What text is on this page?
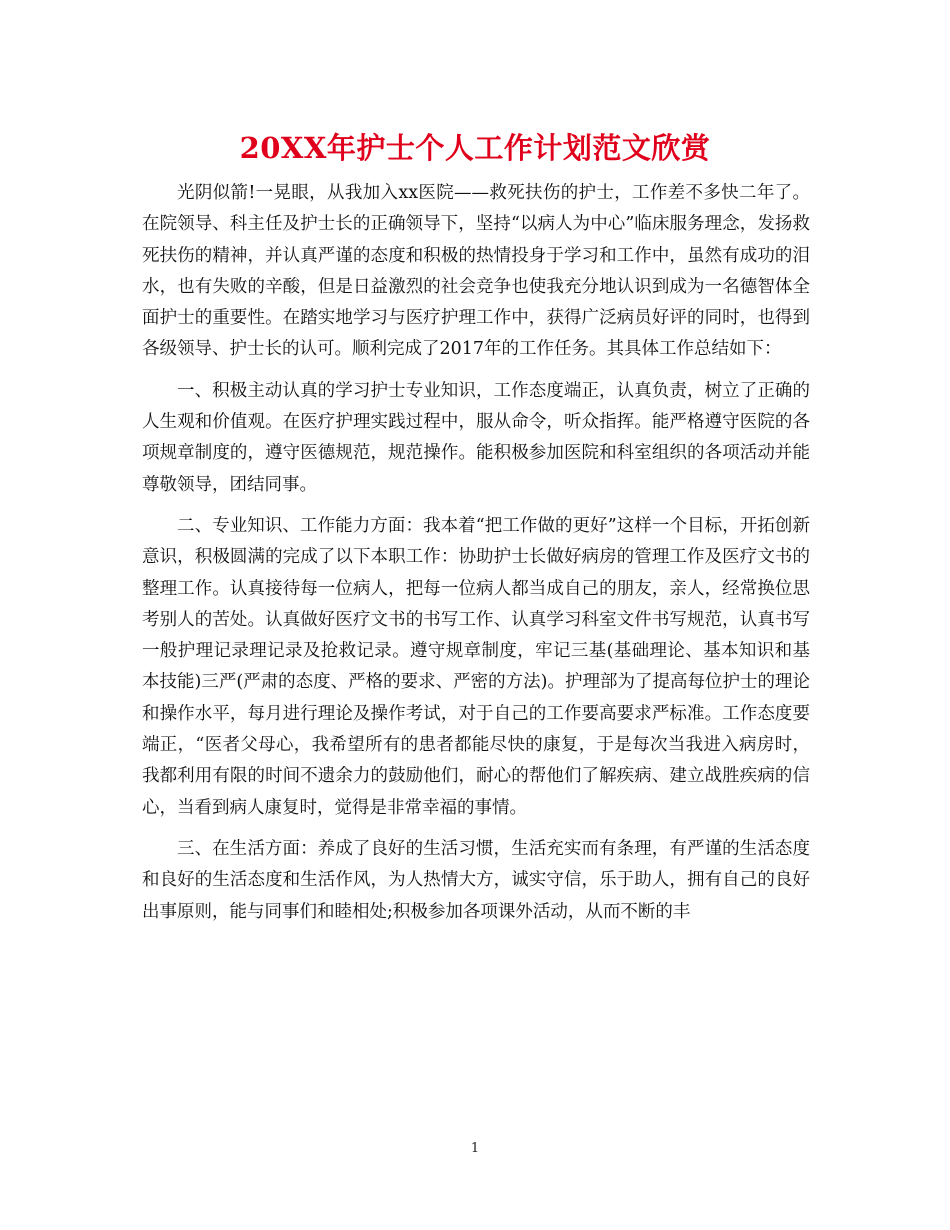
20XX年护士个人工作计划范文欣赏

光阴似箭!一晃眼，从我加入xx医院——救死扶伤的护士，工作差不多快二年了。在院领导、科主任及护士长的正确领导下，坚持“以病人为中心”临床服务理念，发扬救死扶伤的精神，并认真严谨的态度和积极的热情投身于学习和工作中，虽然有成功的泪水，也有失败的辛酸，但是日益激烈的社会竞争也使我充分地认识到成为一名德智体全面护士的重要性。在踏实地学习与医疗护理工作中，获得广泛病员好评的同时，也得到各级领导、护士长的认可。顺利完成了2017年的工作任务。其具体工作总结如下：

一、积极主动认真的学习护士专业知识，工作态度端正，认真负责，树立了正确的人生观和价值观。在医疗护理实践过程中，服从命令，听众指挥。能严格遵守医院的各项规章制度的，遵守医德规范，规范操作。能积极参加医院和科室组织的各项活动并能尊敬领导，团结同事。

二、专业知识、工作能力方面：我本着“把工作做的更好”这样一个目标，开拓创新意识，积极圆满的完成了以下本职工作：协助护士长做好病房的管理工作及医疗文书的整理工作。认真接待每一位病人，把每一位病人都当成自己的朋友，亲人，经常换位思考别人的苦处。认真做好医疗文书的书写工作、认真学习科室文件书写规范，认真书写一般护理记录理记录及抢救记录。遵守规章制度，牢记三基(基础理论、基本知识和基本技能)三严(严肃的态度、严格的要求、严密的方法)。护理部为了提高每位护士的理论和操作水平，每月进行理论及操作考试，对于自己的工作要高要求严标准。工作态度要端正，“医者父母心，我希望所有的患者都能尽快的康复，于是每次当我进入病房时，我都利用有限的时间不遗余力的鼓励他们，耐心的帮他们了解疾病、建立战胜疾病的信心，当看到病人康复时，觉得是非常幸福的事情。

三、在生活方面：养成了良好的生活习惯，生活充实而有条理，有严谨的生活态度和良好的生活态度和生活作风，为人热情大方，诚实守信，乐于助人，拥有自己的良好出事原则，能与同事们和睦相处;积极参加各项课外活动，从而不断的丰

1
